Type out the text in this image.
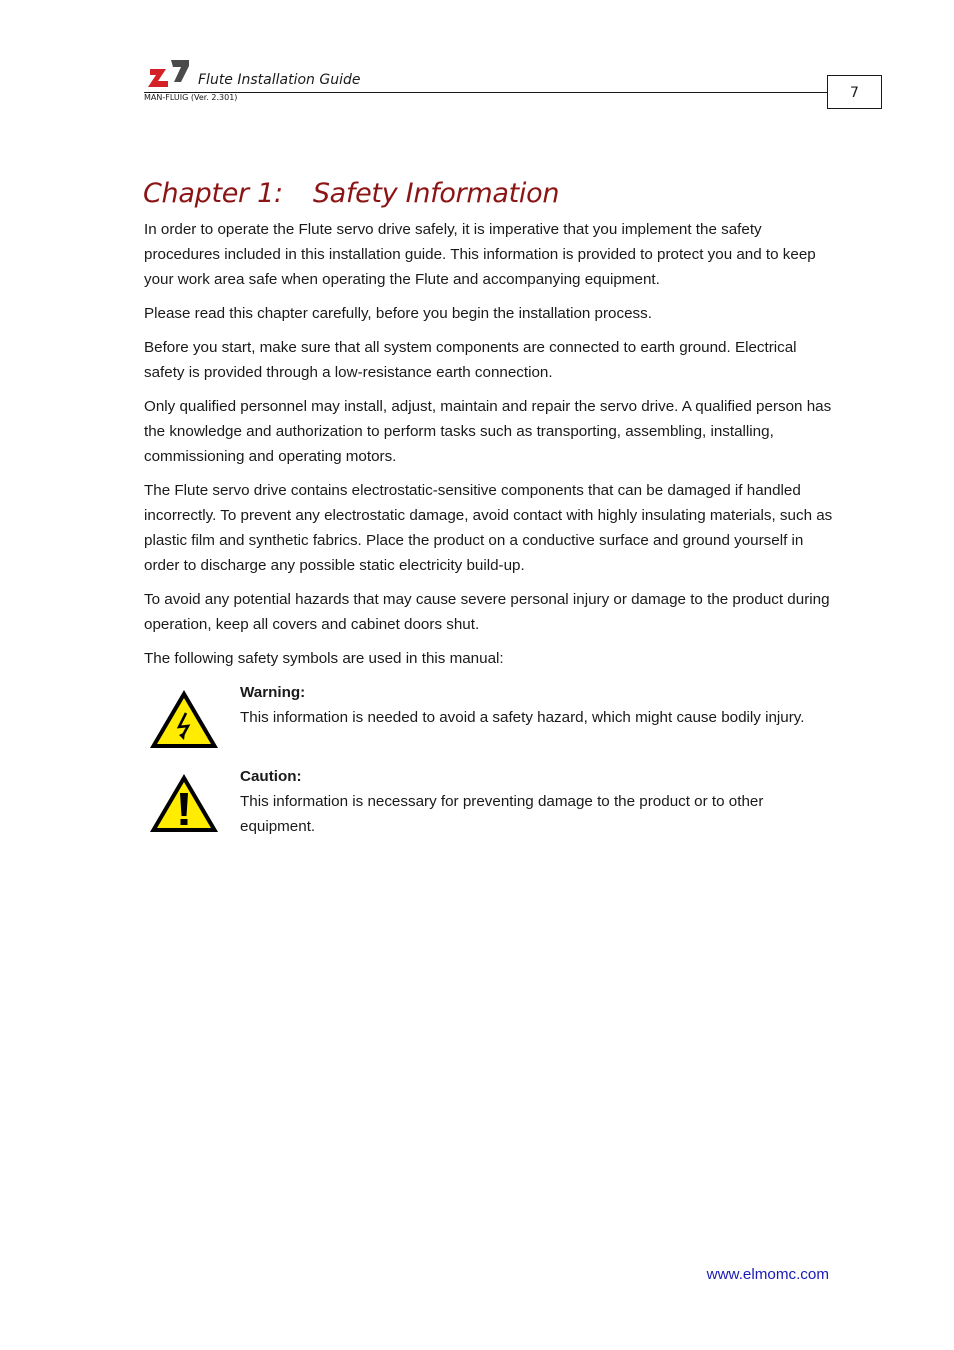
Flute Installation Guide
MAN-FLUIG (Ver. 2.301)	7
Chapter 1: Safety Information

In order to operate the Flute servo drive safely, it is imperative that you implement the safety procedures included in this installation guide. This information is provided to protect you and to keep your work area safe when operating the Flute and accompanying equipment.

Please read this chapter carefully, before you begin the installation process.

Before you start, make sure that all system components are connected to earth ground. Electrical safety is provided through a low-resistance earth connection.

Only qualified personnel may install, adjust, maintain and repair the servo drive. A qualified person has the knowledge and authorization to perform tasks such as transporting, assembling, installing, commissioning and operating motors.

The Flute servo drive contains electrostatic-sensitive components that can be damaged if handled incorrectly. To prevent any electrostatic damage, avoid contact with highly insulating materials, such as plastic film and synthetic fabrics. Place the product on a conductive surface and ground yourself in order to discharge any possible static electricity build-up.

To avoid any potential hazards that may cause severe personal injury or damage to the product during operation, keep all covers and cabinet doors shut.

The following safety symbols are used in this manual:

Warning:
This information is needed to avoid a safety hazard, which might cause bodily injury.
Caution:
This information is necessary for preventing damage to the product or to other equipment.
www.elmomc.com
